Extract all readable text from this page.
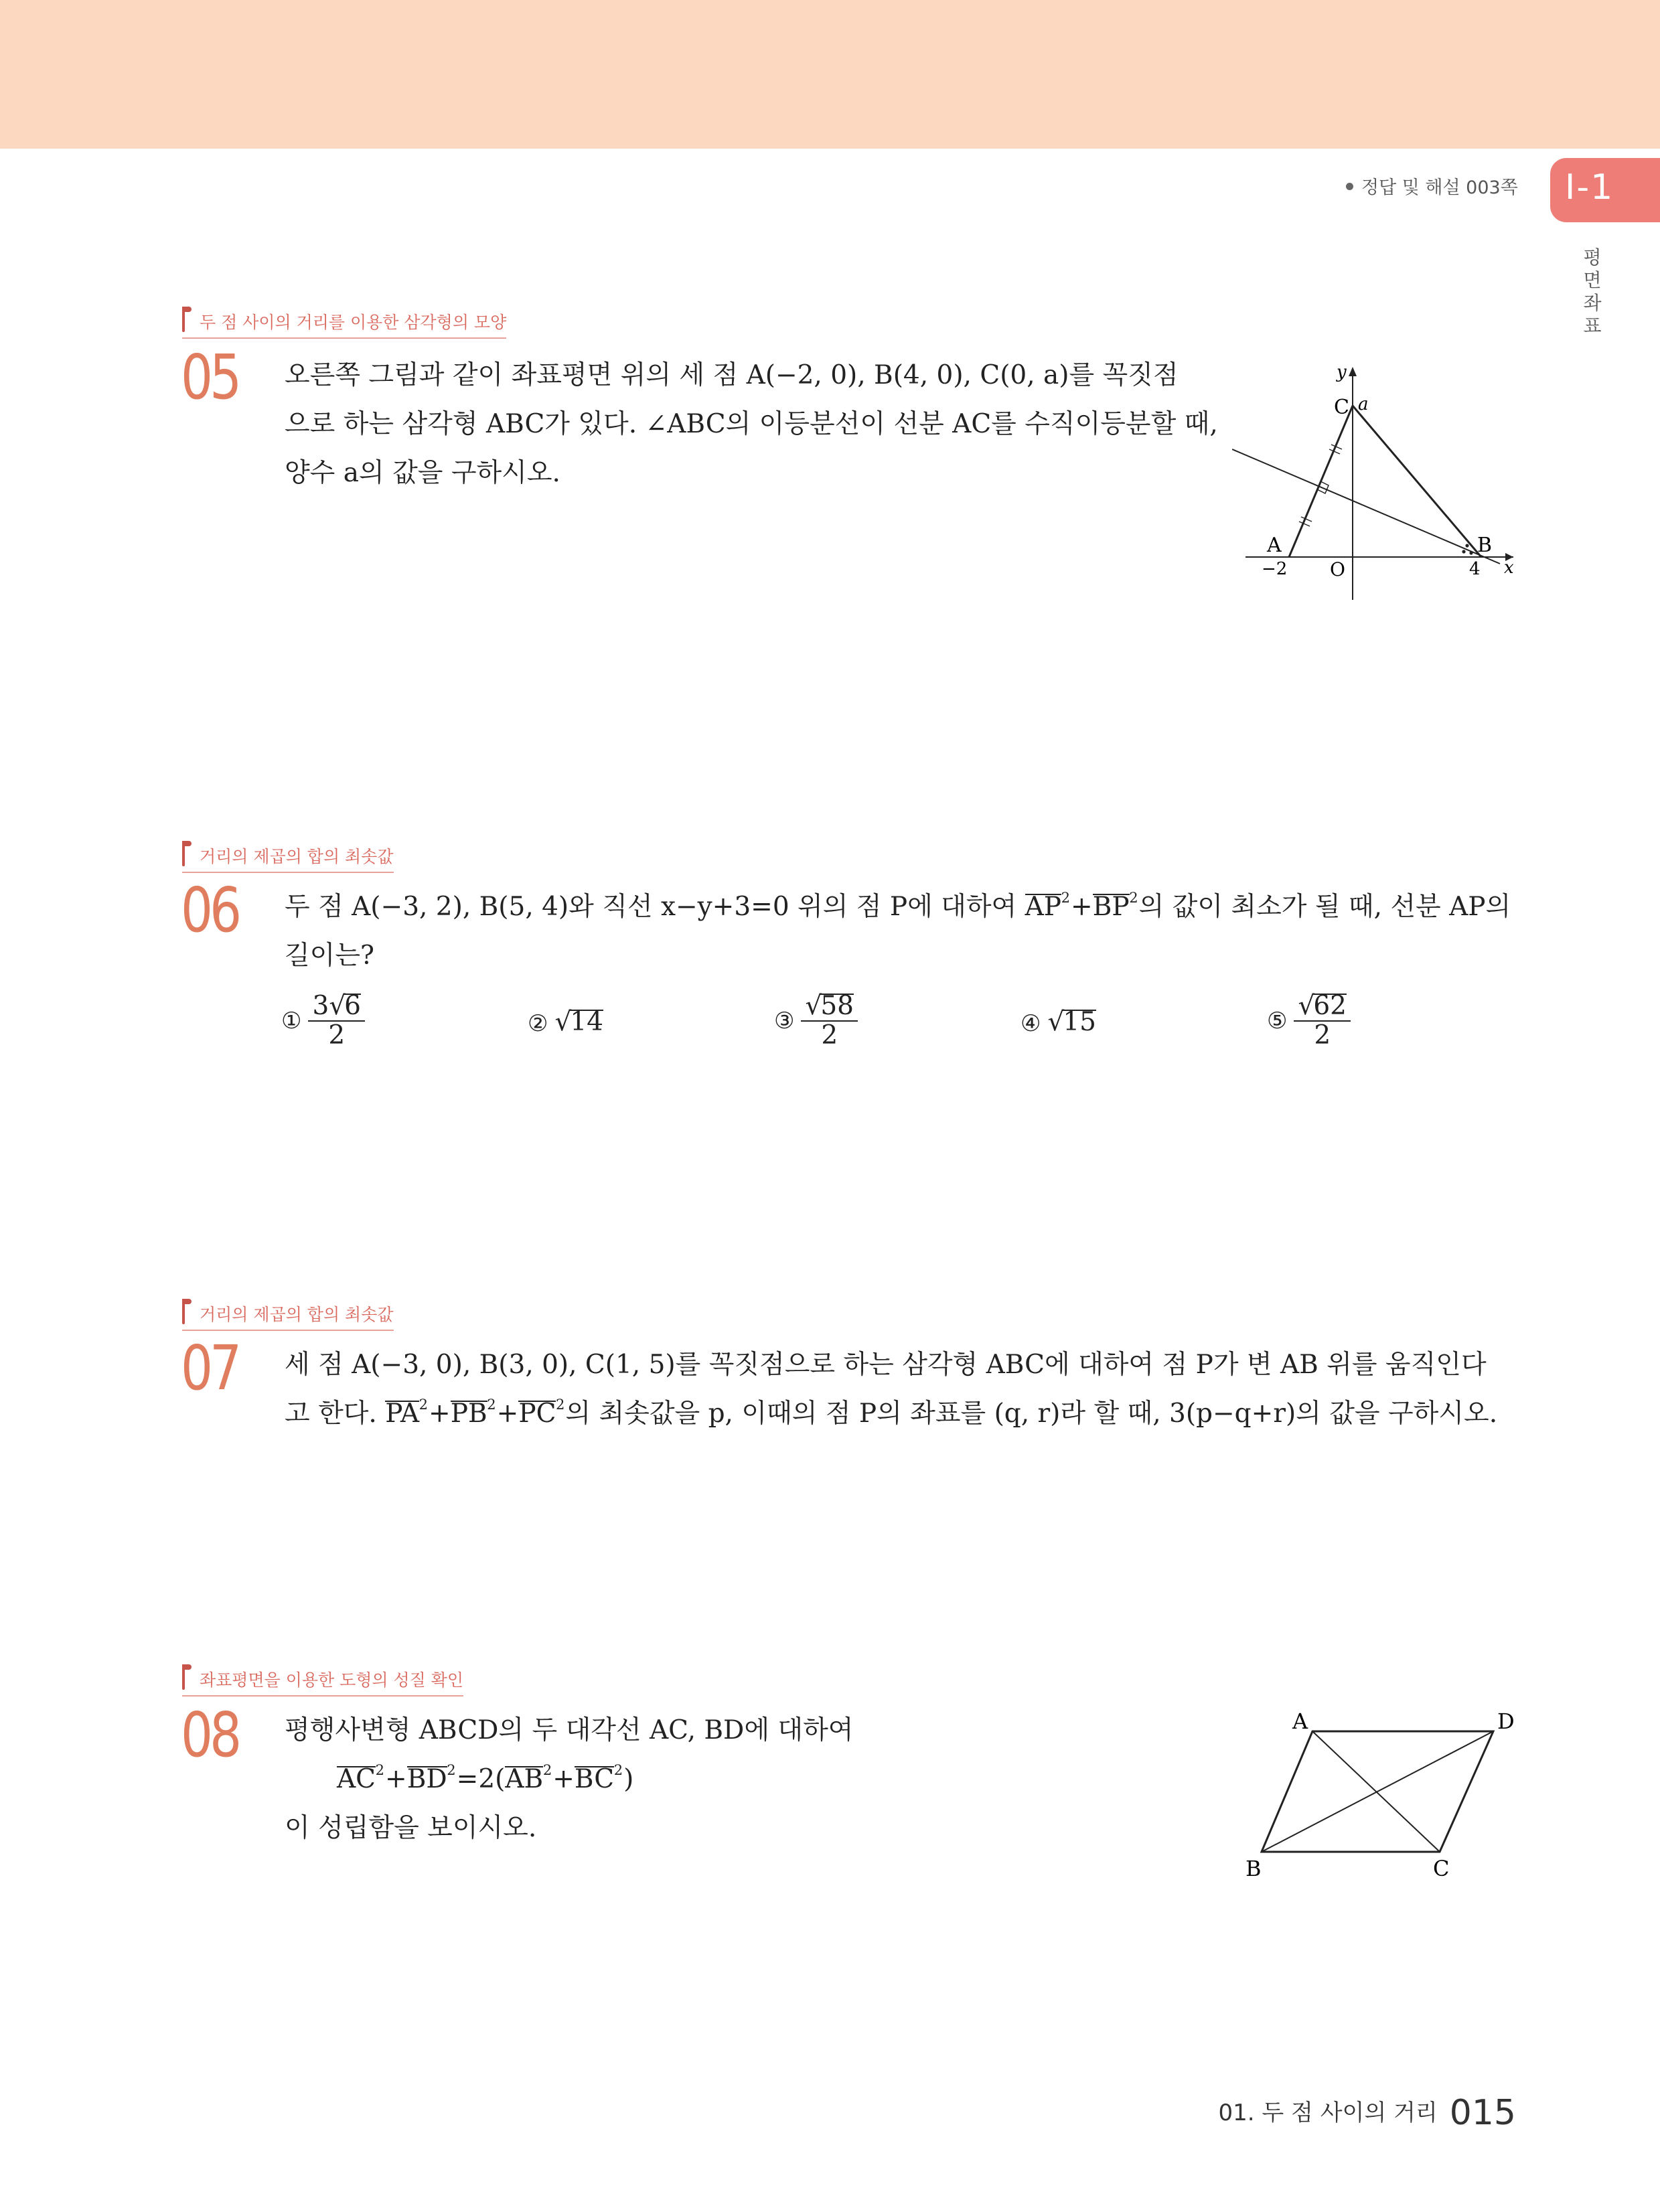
정답 및 해설 003쪽 I-1
평면좌표
두 점 사이의 거리를 이용한 삼각형의 모양
05 오른쪽 그림과 같이 좌표평면 위의 세 점 A(−2, 0), B(4, 0), C(0, a)를 꼭짓점
으로 하는 삼각형 ABC가 있다. ∠ABC의 이등분선이 선분 AC를 수직이등분할 때,
양수 a의 값을 구하시오.
y
C a
A	B
−2 O	4 x
거리의 제곱의 합의 최솟값
06 두 점 A(−3, 2), B(5, 4)와 직선 x−y+3=0 위의 점 P에 대하여 AP 2 +BP 2 의 값이 최소가 될 때, 선분 AP의
길이는?
① $\frac{3√6}{2}$	② √14	③ $\frac{√58}{2}$	④ √15	⑤ $\frac{√62}{2}$
거리의 제곱의 합의 최솟값
07 세 점 A(−3, 0), B(3, 0), C(1, 5)를 꼭짓점으로 하는 삼각형 ABC에 대하여 점 P가 변 AB 위를 움직인다
고 한다. PA 2 +PB 2 +PC 2 의 최솟값을 p, 이때의 점 P의 좌표를 (q, r)라 할 때, 3(p−q+r)의 값을 구하시오.
좌표평면을 이용한 도형의 성질 확인
08 평행사변형 ABCD의 두 대각선 AC, BD에 대하여
AC 2 +BD 2 =2(AB 2 +BC 2 )
이 성립함을 보이시오.
A	D
B	C
01. 두 점 사이의 거리 015
